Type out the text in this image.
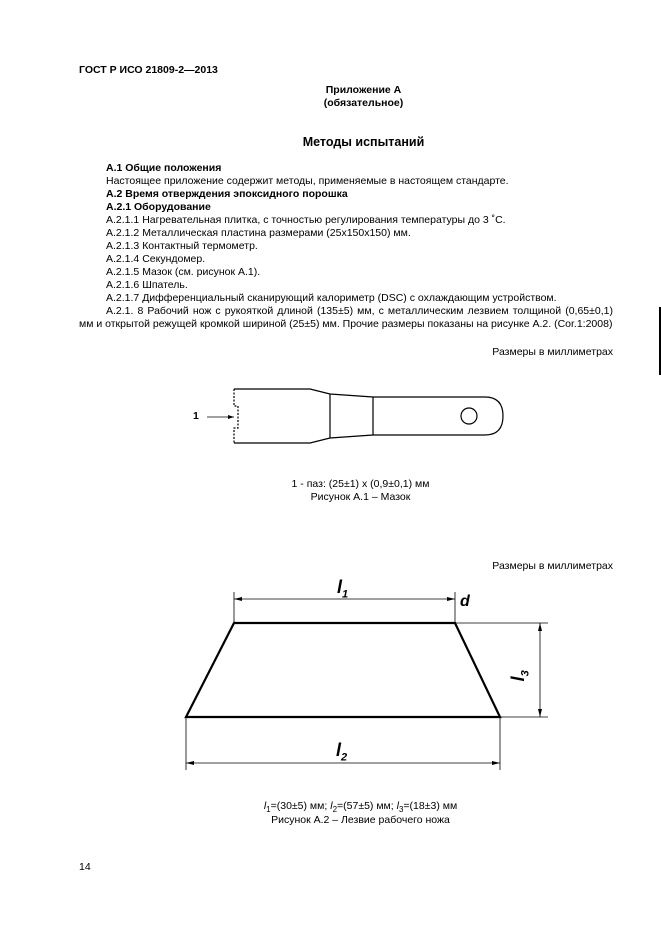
ГОСТ Р ИСО 21809-2—2013
Приложение А
(обязательное)
Методы испытаний
А.1 Общие положения
Настоящее приложение содержит методы, применяемые в настоящем стандарте.
А.2 Время отверждения эпоксидного порошка
А.2.1 Оборудование
А.2.1.1 Нагревательная плитка, с точностью регулирования температуры до 3 ˚С.
А.2.1.2 Металлическая пластина размерами (25х150х150) мм.
А.2.1.3 Контактный термометр.
А.2.1.4 Секундомер.
А.2.1.5 Мазок (см. рисунок А.1).
А.2.1.6 Шпатель.
А.2.1.7 Дифференциальный сканирующий калориметр (DSC) с охлаждающим устройством.
А.2.1. 8 Рабочий нож с рукояткой длиной (135±5) мм, с металлическим лезвием толщиной (0,65±0,1) мм и открытой режущей кромкой шириной (25±5) мм. Прочие размеры показаны на рисунке А.2. (Cor.1:2008)
Размеры в миллиметрах
1
1 - паз: (25±1) х (0,9±0,1) мм
Рисунок А.1 – Мазок
Размеры в миллиметрах
$l_1$	d
$l_3$
$l_2$
$l_1=(30\pm 5)$ мм; $l_2=(57\pm 5)$ мм; $l_3=(18\pm 3)$ мм
Рисунок А.2 – Лезвие рабочего ножа
14
